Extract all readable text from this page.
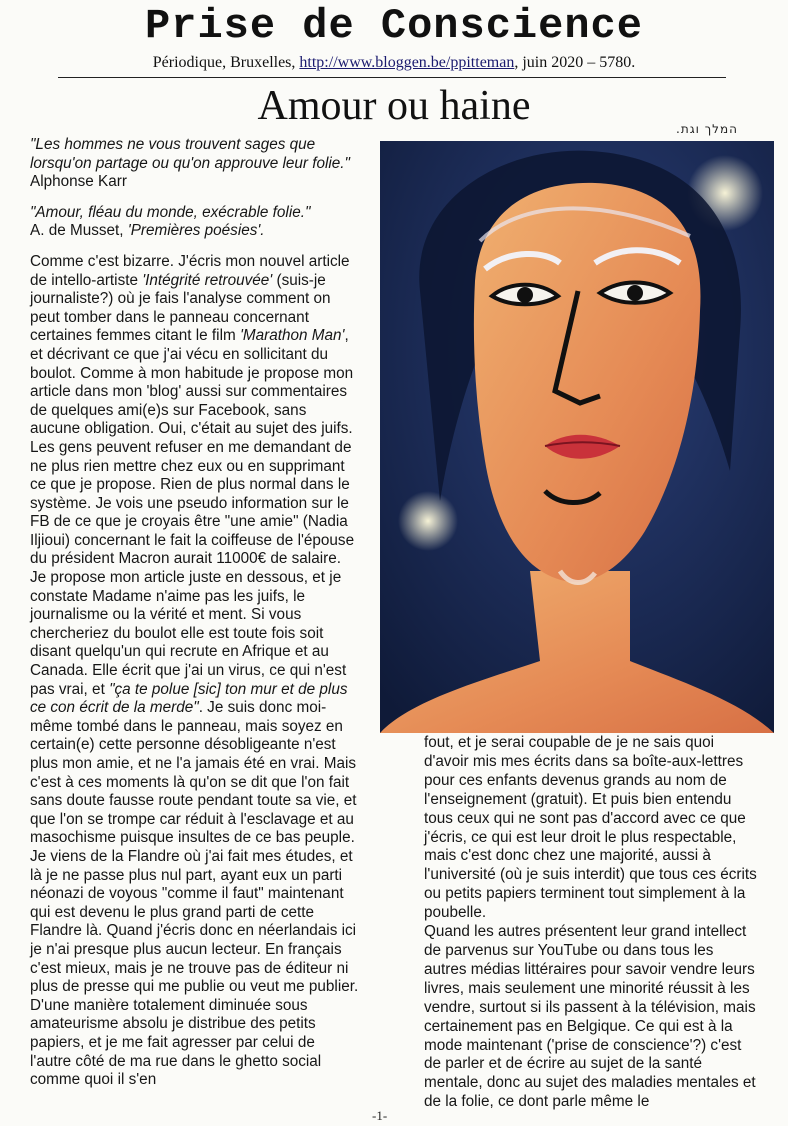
Prise de Conscience
Périodique, Bruxelles, http://www.bloggen.be/ppitteman, juin 2020 – 5780.
Amour ou haine	המלך וגת.

"Les hommes ne vous trouvent sages que lorsqu'on partage ou qu'on approuve leur folie."

Alphonse Karr

"Amour, fléau du monde, exécrable folie."

A. de Musset, 'Premières poésies'.

Comme c'est bizarre. J'écris mon nouvel article de intello-artiste 'Intégrité retrouvée' (suis-je journaliste?) où je fais l'analyse comment on peut tomber dans le panneau concernant certaines femmes citant le film 'Marathon Man', et décrivant ce que j'ai vécu en sollicitant du boulot. Comme à mon habitude je propose mon article dans mon 'blog' aussi sur commentaires de quelques ami(e)s sur Facebook, sans aucune obligation. Oui, c'était au sujet des juifs. Les gens peuvent refuser en me demandant de ne plus rien mettre chez eux ou en supprimant ce que je propose. Rien de plus normal dans le système. Je vois une pseudo information sur le FB de ce que je croyais être "une amie" (Nadia Iljioui) concernant le fait la coiffeuse de l'épouse du président Macron aurait 11000€ de salaire. Je propose mon article juste en dessous, et je constate Madame n'aime pas les juifs, le journalisme ou la vérité et ment. Si vous chercheriez du boulot elle est toute fois soit disant quelqu'un qui recrute en Afrique et au Canada. Elle écrit que j'ai un virus, ce qui n'est pas vrai, et "ça te polue [sic] ton mur et de plus ce con écrit de la merde". Je suis donc moi-même tombé dans le panneau, mais soyez en certain(e) cette personne désobligeante n'est plus mon amie, et ne l'a jamais été en vrai. Mais c'est à ces moments là qu'on se dit que l'on fait sans doute fausse route pendant toute sa vie, et que l'on se trompe car réduit à l'esclavage et au masochisme puisque insultes de ce bas peuple. Je viens de la Flandre où j'ai fait mes études, et là je ne passe plus nul part, ayant eux un parti néonazi de voyous "comme il faut" maintenant qui est devenu le plus grand parti de cette Flandre là. Quand j'écris donc en néerlandais ici je n'ai presque plus aucun lecteur. En français c'est mieux, mais je ne trouve pas de éditeur ni plus de presse qui me publie ou veut me publier. D'une manière totalement diminuée sous amateurisme absolu je distribue des petits papiers, et je me fait agresser par celui de l'autre côté de ma rue dans le ghetto social comme quoi il s'en

fout, et je serai coupable de je ne sais quoi d'avoir mis mes écrits dans sa boîte-aux-lettres pour ces enfants devenus grands au nom de l'enseignement (gratuit). Et puis bien entendu tous ceux qui ne sont pas d'accord avec ce que j'écris, ce qui est leur droit le plus respectable, mais c'est donc chez une majorité, aussi à l'université (où je suis interdit) que tous ces écrits ou petits papiers terminent tout simplement à la poubelle.

Quand les autres présentent leur grand intellect de parvenus sur YouTube ou dans tous les autres médias littéraires pour savoir vendre leurs livres, mais seulement une minorité réussit à les vendre, surtout si ils passent à la télévision, mais certainement pas en Belgique. Ce qui est à la mode maintenant ('prise de conscience'?) c'est de parler et de écrire au sujet de la santé mentale, donc au sujet des maladies mentales et de la folie, ce dont parle même le

-1-
